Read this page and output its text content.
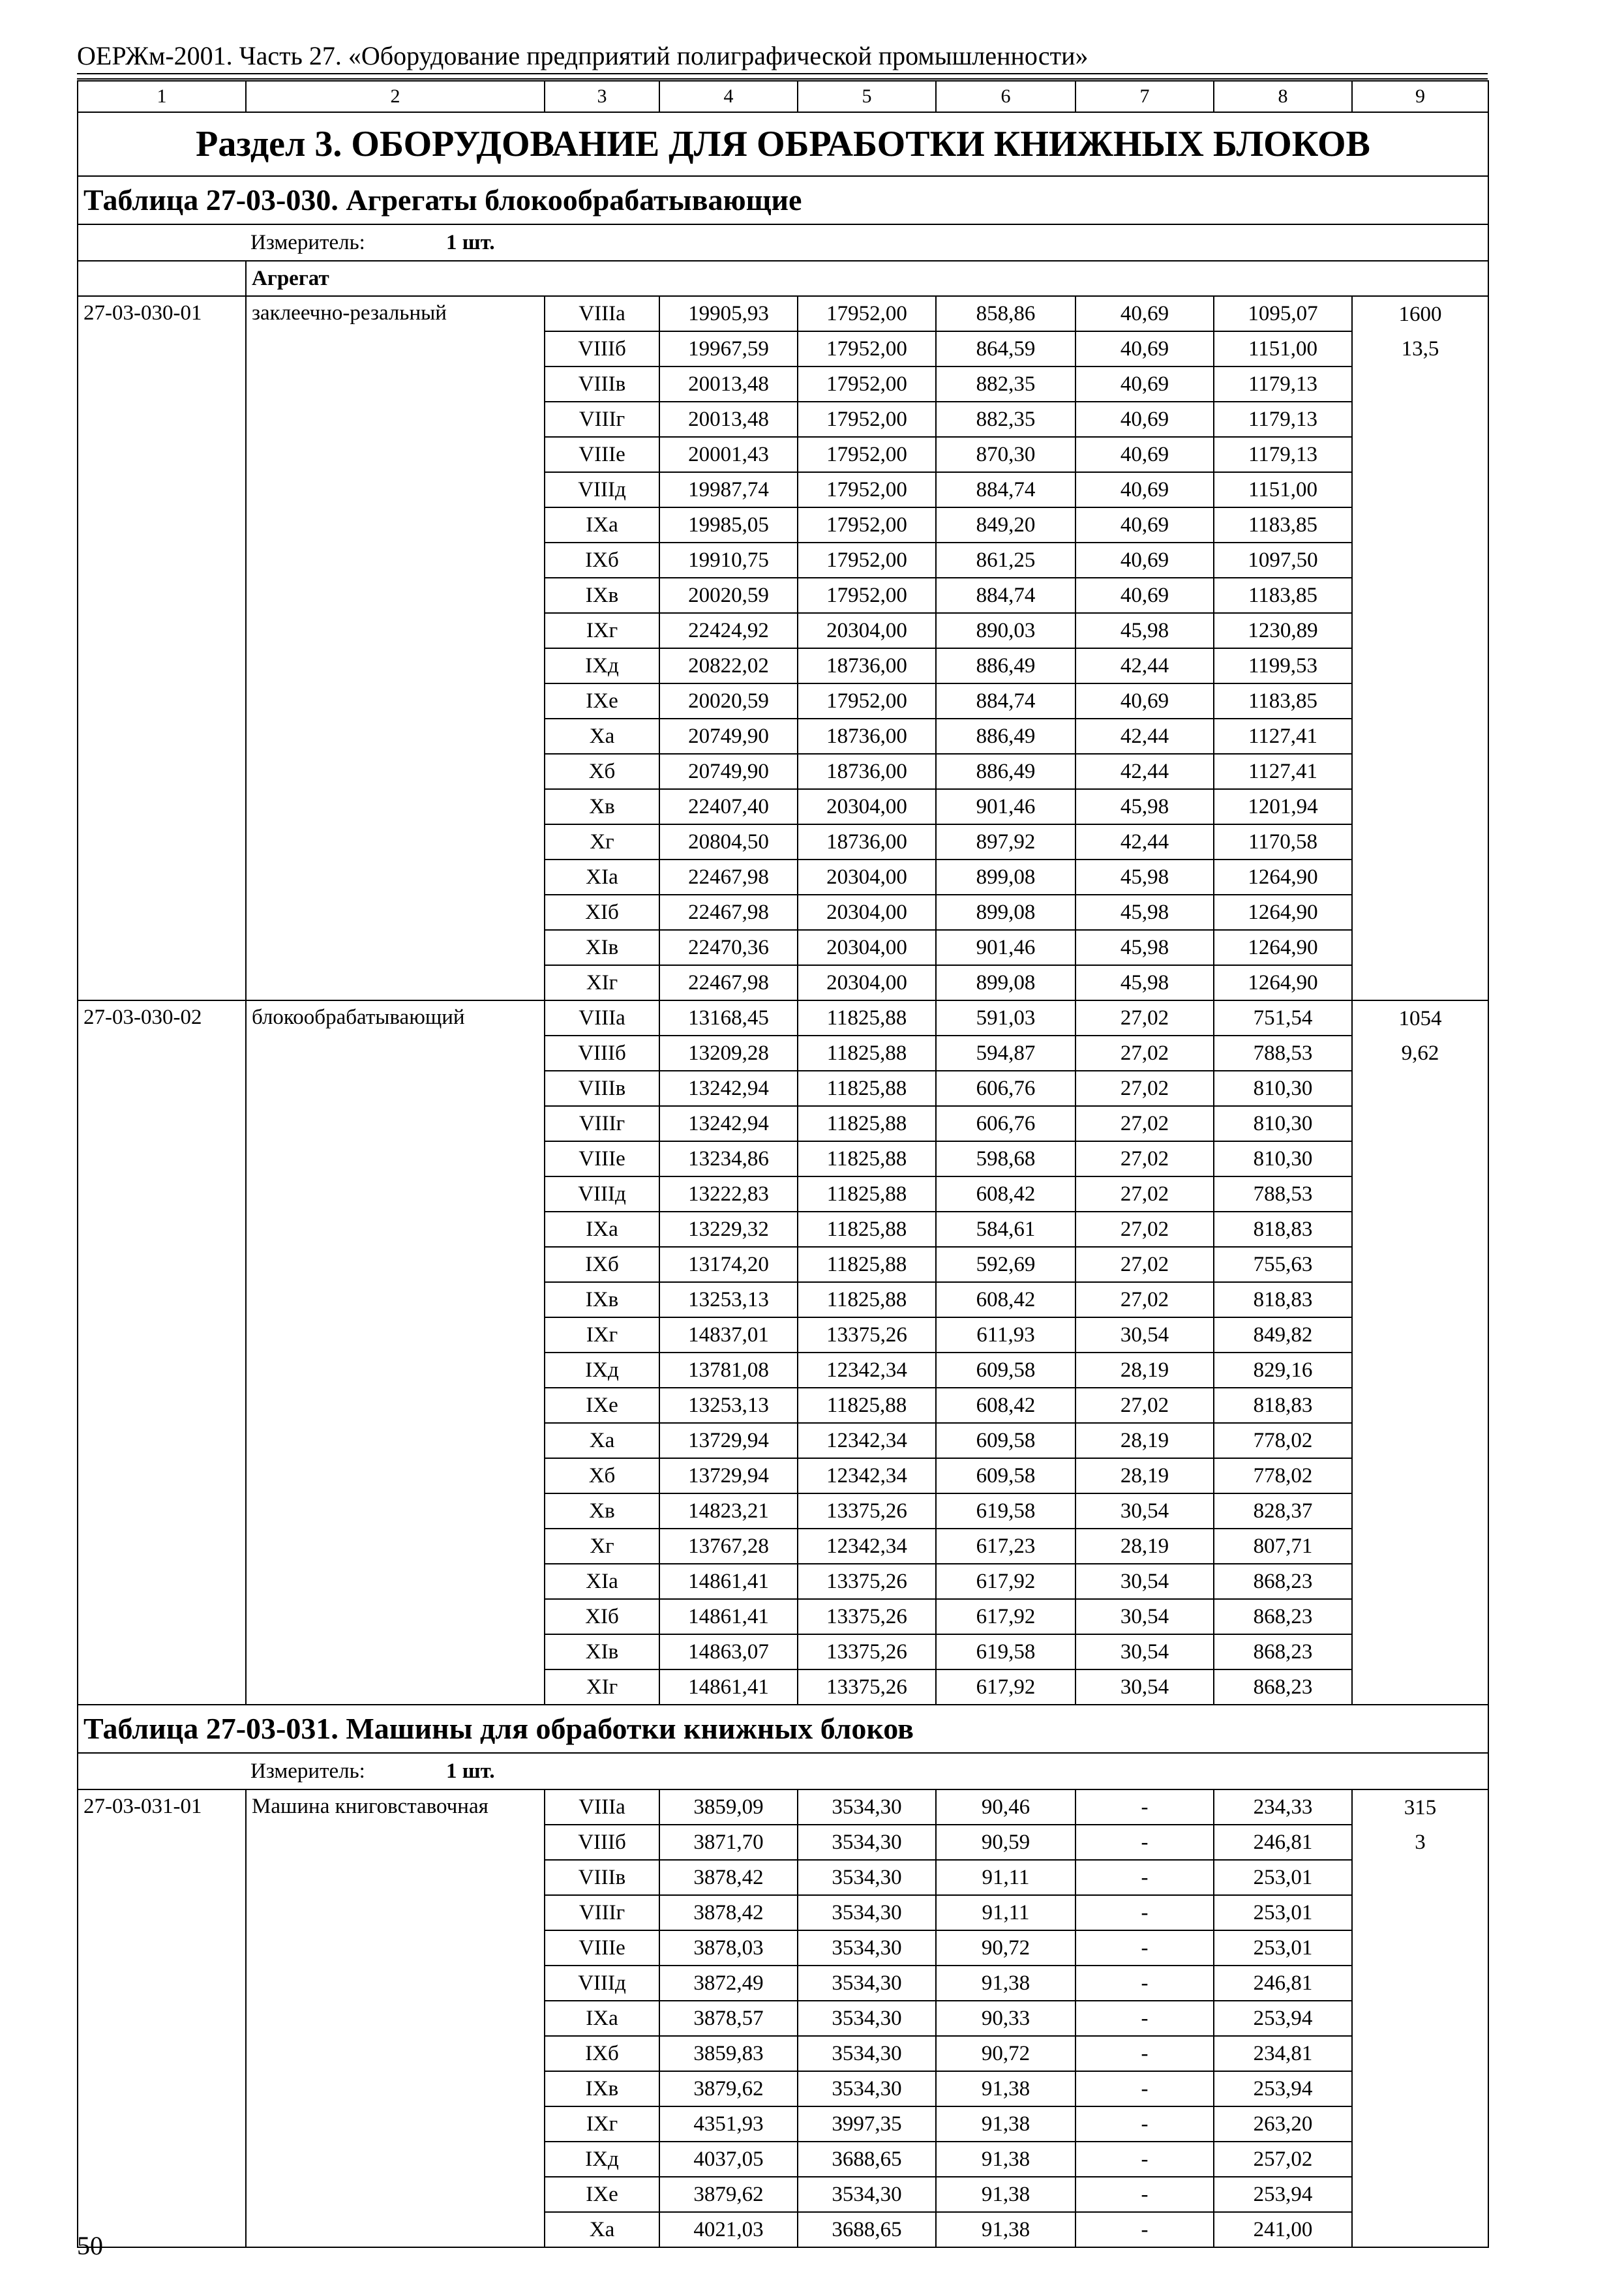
ОЕРЖм-2001. Часть 27. «Оборудование предприятий полиграфической промышленности»
1	2	3	4	5	6	7	8	9
Раздел 3. ОБОРУДОВАНИЕ ДЛЯ ОБРАБОТКИ КНИЖНЫХ БЛОКОВ								
Таблица 27-03-030. Агрегаты блокообрабатывающие								
Измеритель: 1 шт.								
	Агрегат							
27-03-030-01	заклеечно-резальный	VIIIа	19905,93	17952,00	858,86	40,69	1095,07	1600
		VIIIб	19967,59	17952,00	864,59	40,69	1151,00	13,5
		VIIIв	20013,48	17952,00	882,35	40,69	1179,13	
		VIIIг	20013,48	17952,00	882,35	40,69	1179,13	
		VIIIе	20001,43	17952,00	870,30	40,69	1179,13	
		VIIIд	19987,74	17952,00	884,74	40,69	1151,00	
		IXа	19985,05	17952,00	849,20	40,69	1183,85	
		IXб	19910,75	17952,00	861,25	40,69	1097,50	
		IXв	20020,59	17952,00	884,74	40,69	1183,85	
		IXг	22424,92	20304,00	890,03	45,98	1230,89	
		IXд	20822,02	18736,00	886,49	42,44	1199,53	
		IXе	20020,59	17952,00	884,74	40,69	1183,85	
		Xа	20749,90	18736,00	886,49	42,44	1127,41	
		Xб	20749,90	18736,00	886,49	42,44	1127,41	
		Xв	22407,40	20304,00	901,46	45,98	1201,94	
		Xг	20804,50	18736,00	897,92	42,44	1170,58	
		XIа	22467,98	20304,00	899,08	45,98	1264,90	
		XIб	22467,98	20304,00	899,08	45,98	1264,90	
		XIв	22470,36	20304,00	901,46	45,98	1264,90	
		XIг	22467,98	20304,00	899,08	45,98	1264,90	
27-03-030-02	блокообрабатывающий	VIIIа	13168,45	11825,88	591,03	27,02	751,54	1054
		VIIIб	13209,28	11825,88	594,87	27,02	788,53	9,62
		VIIIв	13242,94	11825,88	606,76	27,02	810,30	
		VIIIг	13242,94	11825,88	606,76	27,02	810,30	
		VIIIе	13234,86	11825,88	598,68	27,02	810,30	
		VIIIд	13222,83	11825,88	608,42	27,02	788,53	
		IXа	13229,32	11825,88	584,61	27,02	818,83	
		IXб	13174,20	11825,88	592,69	27,02	755,63	
		IXв	13253,13	11825,88	608,42	27,02	818,83	
		IXг	14837,01	13375,26	611,93	30,54	849,82	
		IXд	13781,08	12342,34	609,58	28,19	829,16	
		IXе	13253,13	11825,88	608,42	27,02	818,83	
		Xа	13729,94	12342,34	609,58	28,19	778,02	
		Xб	13729,94	12342,34	609,58	28,19	778,02	
		Xв	14823,21	13375,26	619,58	30,54	828,37	
		Xг	13767,28	12342,34	617,23	28,19	807,71	
		XIа	14861,41	13375,26	617,92	30,54	868,23	
		XIб	14861,41	13375,26	617,92	30,54	868,23	
		XIв	14863,07	13375,26	619,58	30,54	868,23	
		XIг	14861,41	13375,26	617,92	30,54	868,23	
Таблица 27-03-031. Машины для обработки книжных блоков								
Измеритель: 1 шт.								
27-03-031-01	Машина книговставочная	VIIIа	3859,09	3534,30	90,46	-	234,33	315
		VIIIб	3871,70	3534,30	90,59	-	246,81	3
		VIIIв	3878,42	3534,30	91,11	-	253,01	
		VIIIг	3878,42	3534,30	91,11	-	253,01	
		VIIIе	3878,03	3534,30	90,72	-	253,01	
		VIIIд	3872,49	3534,30	91,38	-	246,81	
		IXа	3878,57	3534,30	90,33	-	253,94	
		IXб	3859,83	3534,30	90,72	-	234,81	
		IXв	3879,62	3534,30	91,38	-	253,94	
		IXг	4351,93	3997,35	91,38	-	263,20	
		IXд	4037,05	3688,65	91,38	-	257,02	
		IXе	3879,62	3534,30	91,38	-	253,94	
		Xа	4021,03	3688,65	91,38	-	241,00	
50
